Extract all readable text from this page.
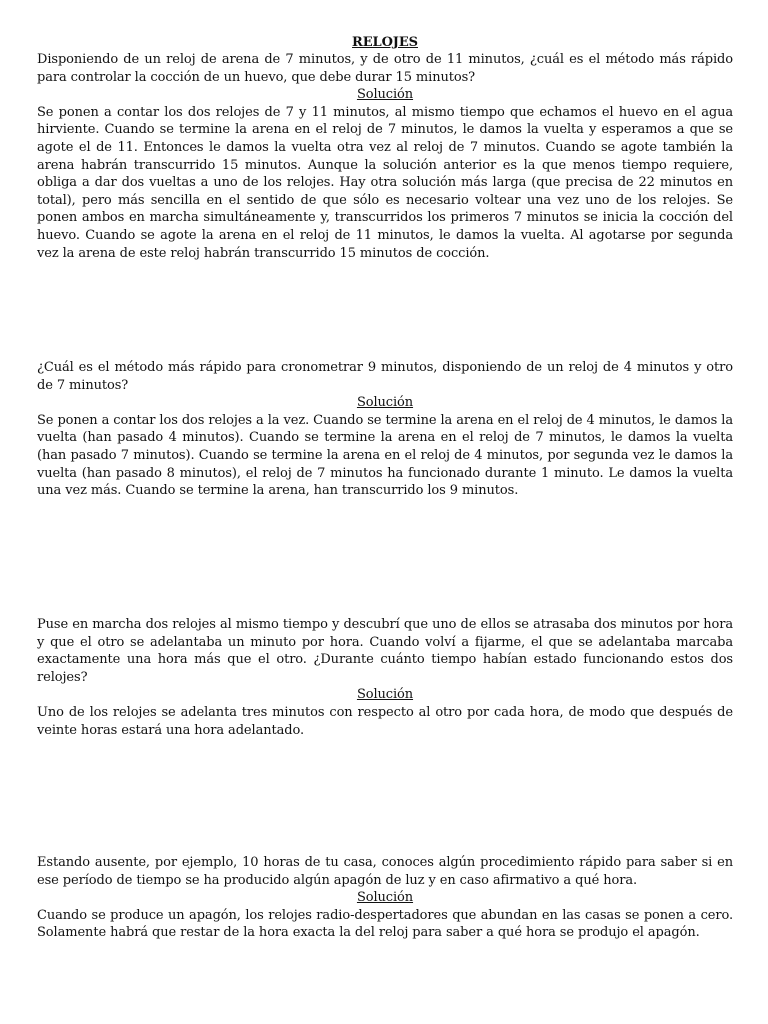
RELOJES

Disponiendo de un reloj de arena de 7 minutos, y de otro de 11 minutos, ¿cuál es el método más rápido para controlar la cocción de un huevo, que debe durar 15 minutos?

Solución

Se ponen a contar los dos relojes de 7 y 11 minutos, al mismo tiempo que echamos el huevo en el agua hirviente. Cuando se termine la arena en el reloj de 7 minutos, le damos la vuelta y esperamos a que se agote el de 11. Entonces le damos la vuelta otra vez al reloj de 7 minutos. Cuando se agote también la arena habrán transcurrido 15 minutos. Aunque la solución anterior es la que menos tiempo requiere, obliga a dar dos vueltas a uno de los relojes. Hay otra solución más larga (que precisa de 22 minutos en total), pero más sencilla en el sentido de que sólo es necesario voltear una vez uno de los relojes. Se ponen ambos en marcha simultáneamente y, transcurridos los primeros 7 minutos se inicia la cocción del huevo. Cuando se agote la arena en el reloj de 11 minutos, le damos la vuelta. Al agotarse por segunda vez la arena de este reloj habrán transcurrido 15 minutos de cocción.

¿Cuál es el método más rápido para cronometrar 9 minutos, disponiendo de un reloj de 4 minutos y otro de 7 minutos?

Solución

Se ponen a contar los dos relojes a la vez. Cuando se termine la arena en el reloj de 4 minutos, le damos la vuelta (han pasado 4 minutos). Cuando se termine la arena en el reloj de 7 minutos, le damos la vuelta (han pasado 7 minutos). Cuando se termine la arena en el reloj de 4 minutos, por segunda vez le damos la vuelta (han pasado 8 minutos), el reloj de 7 minutos ha funcionado durante 1 minuto. Le damos la vuelta una vez más. Cuando se termine la arena, han transcurrido los 9 minutos.

Puse en marcha dos relojes al mismo tiempo y descubrí que uno de ellos se atrasaba dos minutos por hora y que el otro se adelantaba un minuto por hora. Cuando volví a fijarme, el que se adelantaba marcaba exactamente una hora más que el otro. ¿Durante cuánto tiempo habían estado funcionando estos dos relojes?

Solución

Uno de los relojes se adelanta tres minutos con respecto al otro por cada hora, de modo que después de veinte horas estará una hora adelantado.

Estando ausente, por ejemplo, 10 horas de tu casa, conoces algún procedimiento rápido para saber si en ese período de tiempo se ha producido algún apagón de luz y en caso afirmativo a qué hora.

Solución

Cuando se produce un apagón, los relojes radio-despertadores que abundan en las casas se ponen a cero. Solamente habrá que restar de la hora exacta la del reloj para saber a qué hora se produjo el apagón.
